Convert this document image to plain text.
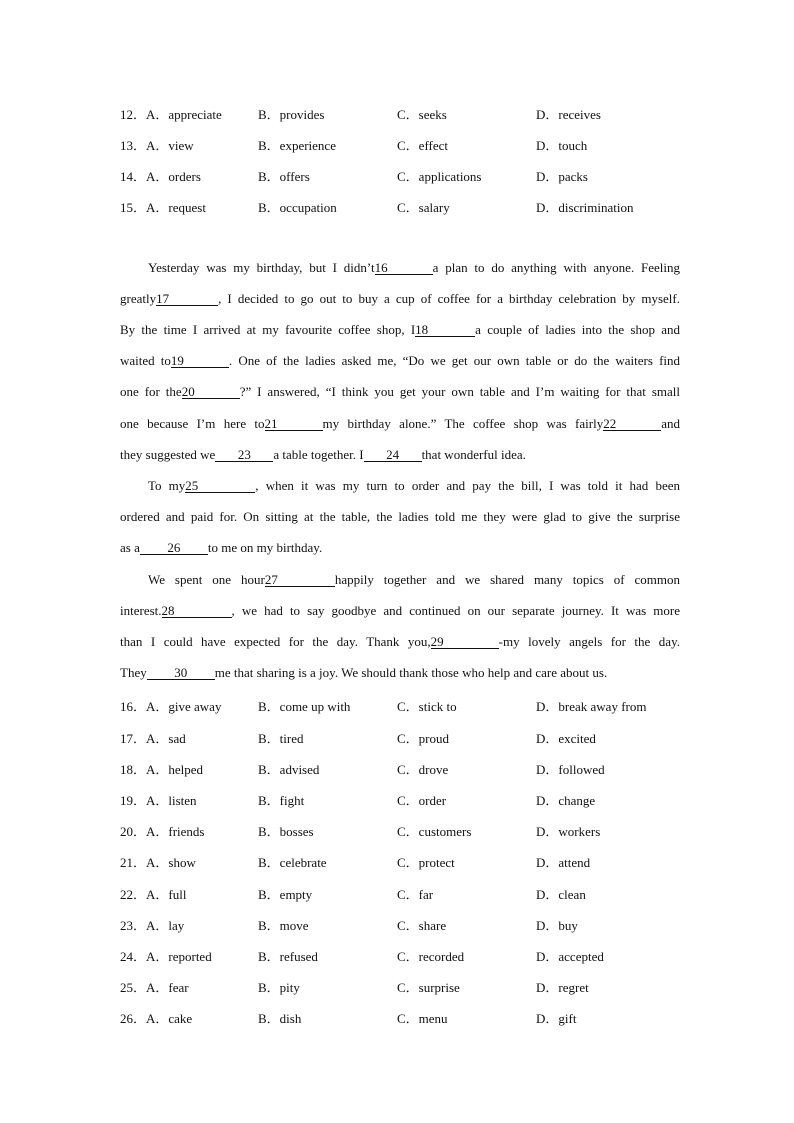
12．A．appreciate	B．provides	C．seeks	D．receives
13．A．view	B．experience	C．effect	D．touch
14．A．orders	B．offers	C．applications	D．packs
15．A．request	B．occupation	C．salary	D．discrimination
Yesterday was my birthday, but I didn’t16	a plan to do anything with anyone. Feeling
greatly17	, I decided to go out to buy a cup of coffee for a birthday celebration by myself.
By the time I arrived at my favourite coffee shop, I18	a couple of ladies into the shop and
waited to19	. One of the ladies asked me, “Do we get our own table or do the waiters find
one for the20	?” I answered, “I think you get your own table and I’m waiting for that small
one because I’m here to21	my birthday alone.” The coffee shop was fairly22	and
they suggested we 23 a table together. I 24 that wonderful idea.
To my25	, when it was my turn to order and pay the bill, I was told it had been
ordered and paid for. On sitting at the table, the ladies told me they were glad to give the surprise
as a 26 to me on my birthday.
We spent one hour27	happily together and we shared many topics of common
interest.28	, we had to say goodbye and continued on our separate journey. It was more
than I could have expected for the day. Thank you,29	-my lovely angels for the day.
They 30 me that sharing is a joy. We should thank those who help and care about us.
16．A．give away	B．come up with	C．stick to	D．break away from
17．A．sad	B．tired	C．proud	D．excited
18．A．helped	B．advised	C．drove	D．followed
19．A．listen	B．fight	C．order	D．change
20．A．friends	B．bosses	C．customers	D．workers
21．A．show	B．celebrate	C．protect	D．attend
22．A．full	B．empty	C．far	D．clean
23．A．lay	B．move	C．share	D．buy
24．A．reported	B．refused	C．recorded	D．accepted
25．A．fear	B．pity	C．surprise	D．regret
26．A．cake	B．dish	C．menu	D．gift
